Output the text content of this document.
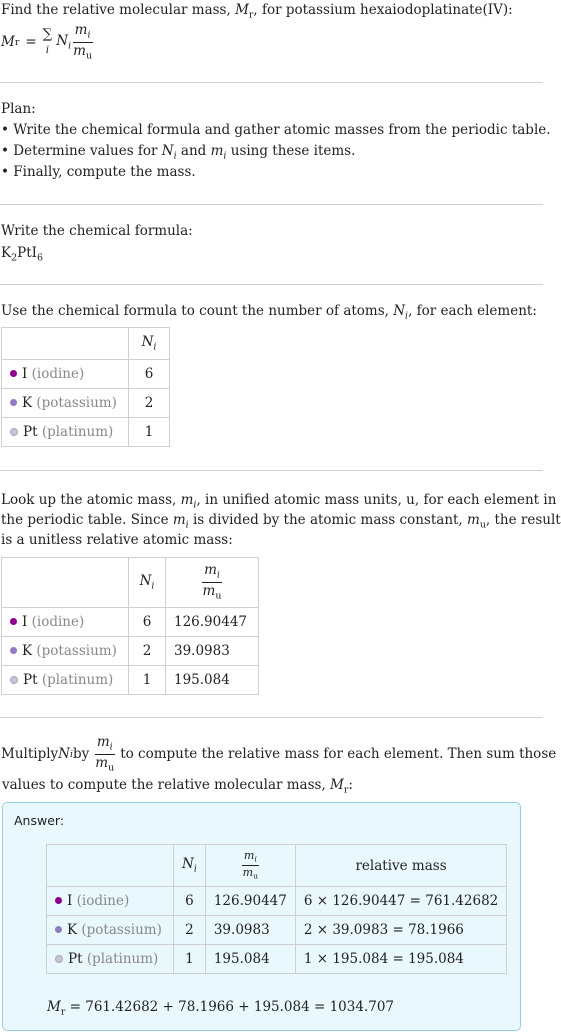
Find the relative molecular mass, $M_r$, for potassium hexaiodoplatinate(IV):
M r = ∑
i
$N_i \frac{m_i}{m_u}$
Plan:
• Write the chemical formula and gather atomic masses from the periodic table.
• Determine values for $N_i$ and $m_i$ using these items.
• Finally, compute the mass.
Write the chemical formula:
$K_2PtI_6$
Use the chemical formula to count the number of atoms, $N_i$, for each element:
	$N_i$
I (iodine)	6
K (potassium)	2
Pt (platinum)	1
Look up the atomic mass, $m_i$, in unified atomic mass units, u, for each element in
the periodic table. Since $m_i$ is divided by the atomic mass constant, $m_u$, the result
is a unitless relative atomic mass:
	$N_i$	$\frac{m_i}{m_u}$

I (iodine)	6	126.90447
K (potassium)	2	39.0983
Pt (platinum)	1	195.084
Multiply N i by $\frac{m_i}{m_u}$ to compute the relative mass for each element. Then sum those
values to compute the relative molecular mass, $M_r$:
Answer:
	$N_i$	$\frac{m_i}{m_u}$	relative mass
I (iodine)	6	126.90447	6 × 126.90447 = 761.42682
K (potassium)	2	39.0983	2 × 39.0983 = 78.1966
Pt (platinum)	1	195.084	1 × 195.084 = 195.084
$M_r = 761.42682 + 78.1966 + 195.084 = 1034.707$
